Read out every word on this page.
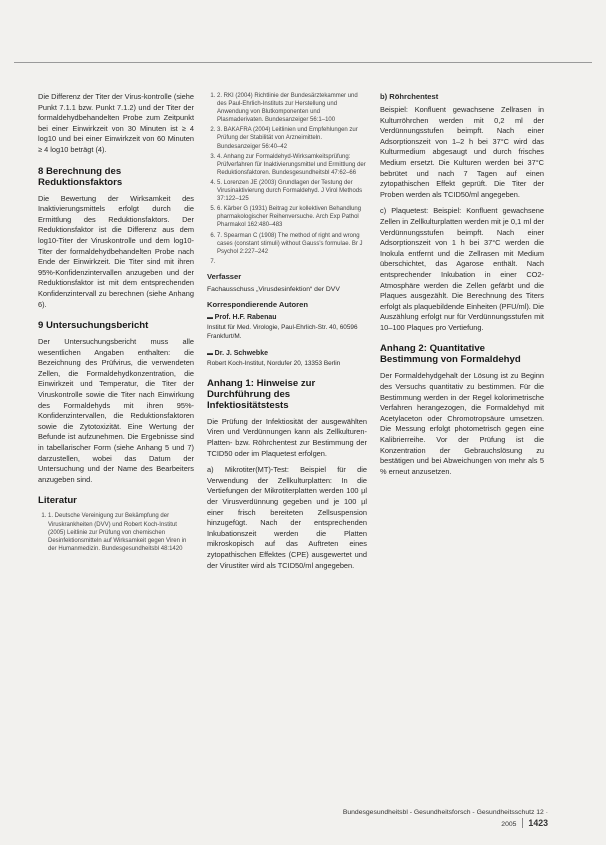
Die Differenz der Titer der Virus-kontrolle (siehe Punkt 7.1.1 bzw. Punkt 7.1.2) und der Titer der formaldehydbehandelten Probe zum Zeitpunkt bei einer Einwirkzeit von 30 Minuten ist ≥ 4 log10 und bei einer Einwirkzeit von 60 Minuten ≥ 4 log10 beträgt (4).

8 Berechnung des Reduktionsfaktors

Die Bewertung der Wirksamkeit des Inaktivierungsmittels erfolgt durch die Ermittlung des Reduktionsfaktors. Der Reduktionsfaktor ist die Differenz aus dem log10-Titer der Viruskontrolle und dem log10-Titer der formaldehydbehandelten Probe nach Ende der Einwirkzeit. Die Titer sind mit ihren 95%-Konfidenzintervallen anzugeben und der Reduktionsfaktor ist mit dem entsprechenden Konfidenzintervall zu berechnen (siehe Anhang 6).

9 Untersuchungsbericht

Der Untersuchungsbericht muss alle wesentlichen Angaben enthalten: die Bezeichnung des Prüfvirus, die verwendeten Zellen, die Formaldehydkonzentration, die Einwirkzeit und Temperatur, die Titer der Viruskontrolle sowie die Titer nach Einwirkung des Formaldehyds mit ihren 95%-Konfidenzintervallen, die Reduktionsfaktoren sowie die Zytotoxizität. Eine Wertung der Befunde ist aufzunehmen. Die Ergebnisse sind in tabellarischer Form (siehe Anhang 5 und 7) darzustellen, wobei das Datum der Untersuchung und der Name des Bearbeiters anzugeben sind.

Literatur
1. 1. Deutsche Vereinigung zur Bekämpfung der Viruskrankheiten (DVV) und Robert Koch-Institut (2005) Leitlinie zur Prüfung von chemischen Desinfektionsmitteln auf Wirksamkeit gegen Viren in der Humanmedizin. Bundesgesundheitsbl 48:1420
1. 2. RKI (2004) Richtlinie der Bundesärztekammer und des Paul-Ehrlich-Instituts zur Herstellung und Anwendung von Blutkomponenten und Plasmaderivaten. Bundesanzeiger 56:1–100
2. 3. BAKAFRA (2004) Leitlinien und Empfehlungen zur Prüfung der Stabilität von Arzneimitteln. Bundesanzeiger 56:40–42
3. 4. Anhang zur Formaldehyd-Wirksamkeitsprüfung: Prüfverfahren für Inaktivierungsmittel und Ermittlung der Reduktionsfaktoren. Bundesgesundheitsbl 47:62–66
4. 5. Lorenzen JE (2003) Grundlagen der Testung der Virusinaktivierung durch Formaldehyd. J Virol Methods 37:122–125
5. 6. Kärber G (1931) Beitrag zur kollektiven Behandlung pharmakologischer Reihenversuche. Arch Exp Pathol Pharmakol 162:480–483
6. 7. Spearman C (1908) The method of right and wrong cases (constant stimuli) without Gauss's formulae. Br J Psychol 2:227–242
7.
Verfasser
Fachausschuss „Virusdesinfektion“ der DVV
Korrespondierende Autoren
▬ Prof. H.F. Rabenau
Institut für Med. Virologie, Paul-Ehrlich-Str. 40, 60596 Frankfurt/M.
▬ Dr. J. Schwebke
Robert Koch-Institut, Nordufer 20, 13353 Berlin
Anhang 1: Hinweise zur Durchführung des Infektiositätstests

Die Prüfung der Infektiosität der ausgewählten Viren und Verdünnungen kann als Zellkulturen-Platten- bzw. Röhrchentest zur Bestimmung der TCID50 oder im Plaquetest erfolgen.

a) Mikrotiter(MT)-Test: Beispiel für die Verwendung der Zellkulturplatten: In die Vertiefungen der Mikrotiterplatten werden 100 µl der Virusverdünnung gegeben und je 100 µl einer frisch bereiteten Zellsuspension hinzugefügt. Nach der entsprechenden Inkubationszeit werden die Platten mikroskopisch auf das Auftreten eines zytopathischen Effektes (CPE) ausgewertet und der Virustiter wird als TCID50/ml angegeben.

b) Röhrchentest

Beispiel: Konfluent gewachsene Zellrasen in Kulturröhrchen werden mit 0,2 ml der Verdünnungsstufen beimpft. Nach einer Adsorptionszeit von 1–2 h bei 37°C wird das Kulturmedium abgesaugt und durch frisches Medium ersetzt. Die Kulturen werden bei 37°C bebrütet und nach 7 Tagen auf einen zytopathischen Effekt geprüft. Die Titer der Proben werden als TCID50/ml angegeben.

c) Plaquetest: Beispiel: Konfluent gewachsene Zellen in Zellkulturplatten werden mit je 0,1 ml der Verdünnungsstufen beimpft. Nach einer Adsorptionszeit von 1 h bei 37°C werden die Inokula entfernt und die Zellrasen mit Medium überschichtet, das Agarose enthält. Nach entsprechender Inkubation in einer CO2-Atmosphäre werden die Zellen gefärbt und die Plaques ausgezählt. Die Berechnung des Titers erfolgt als plaquebildende Einheiten (PFU/ml). Die Auszählung erfolgt nur für Verdünnungsstufen mit 10–100 Plaques pro Vertiefung.

Anhang 2: Quantitative Bestimmung von Formaldehyd

Der Formaldehydgehalt der Lösung ist zu Beginn des Versuchs quantitativ zu bestimmen. Für die Bestimmung werden in der Regel kolorimetrische Verfahren herangezogen, die Formaldehyd mit Acetylaceton oder Chromotropsäure umsetzen. Die Messung erfolgt photometrisch gegen eine Kalibrierreihe. Vor der Prüfung ist die Konzentration der Gebrauchslösung zu bestätigen und bei Abweichungen von mehr als 5 % erneut anzusetzen.

Bundesgesundheitsbl - Gesundheitsforsch - Gesundheitsschutz 12 · 2005 1423
